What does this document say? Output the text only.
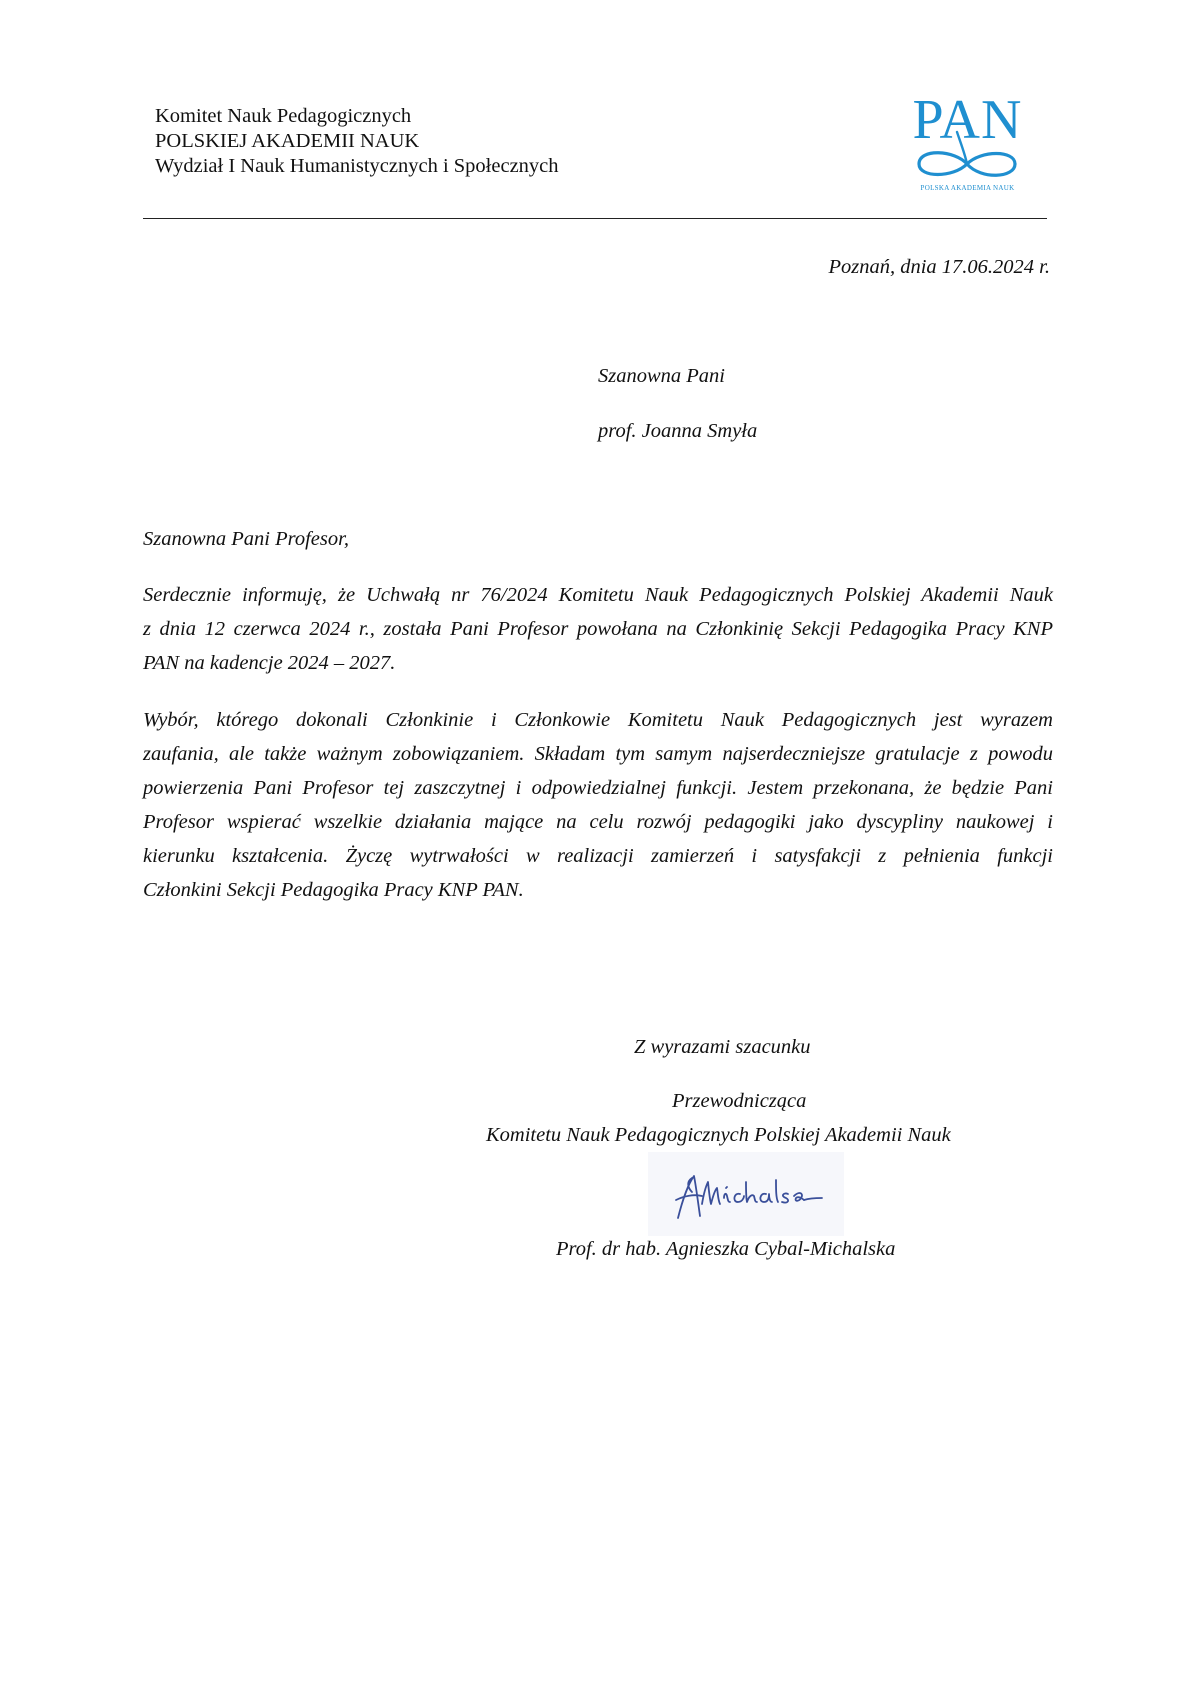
Komitet Nauk Pedagogicznych
POLSKIEJ AKADEMII NAUK
Wydział I Nauk Humanistycznych i Społecznych
PAN
POLSKA AKADEMIA NAUK
Poznań, dnia 17.06.2024 r.
Szanowna Pani
prof. Joanna Smyła
Szanowna Pani Profesor,
Serdecznie informuję, że Uchwałą nr 76/2024 Komitetu Nauk Pedagogicznych Polskiej Akademii Nauk
z dnia 12 czerwca 2024 r., została Pani Profesor powołana na Członkinię Sekcji Pedagogika Pracy KNP
PAN na kadencje 2024 – 2027.
Wybór, którego dokonali Członkinie i Członkowie Komitetu Nauk Pedagogicznych jest wyrazem
zaufania, ale także ważnym zobowiązaniem. Składam tym samym najserdeczniejsze gratulacje z powodu
powierzenia Pani Profesor tej zaszczytnej i odpowiedzialnej funkcji. Jestem przekonana, że będzie Pani
Profesor wspierać wszelkie działania mające na celu rozwój pedagogiki jako dyscypliny naukowej i
kierunku kształcenia. Życzę wytrwałości w realizacji zamierzeń i satysfakcji z pełnienia funkcji
Członkini Sekcji Pedagogika Pracy KNP PAN.
Z wyrazami szacunku
Przewodnicząca
Komitetu Nauk Pedagogicznych Polskiej Akademii Nauk
Prof. dr hab. Agnieszka Cybal-Michalska
